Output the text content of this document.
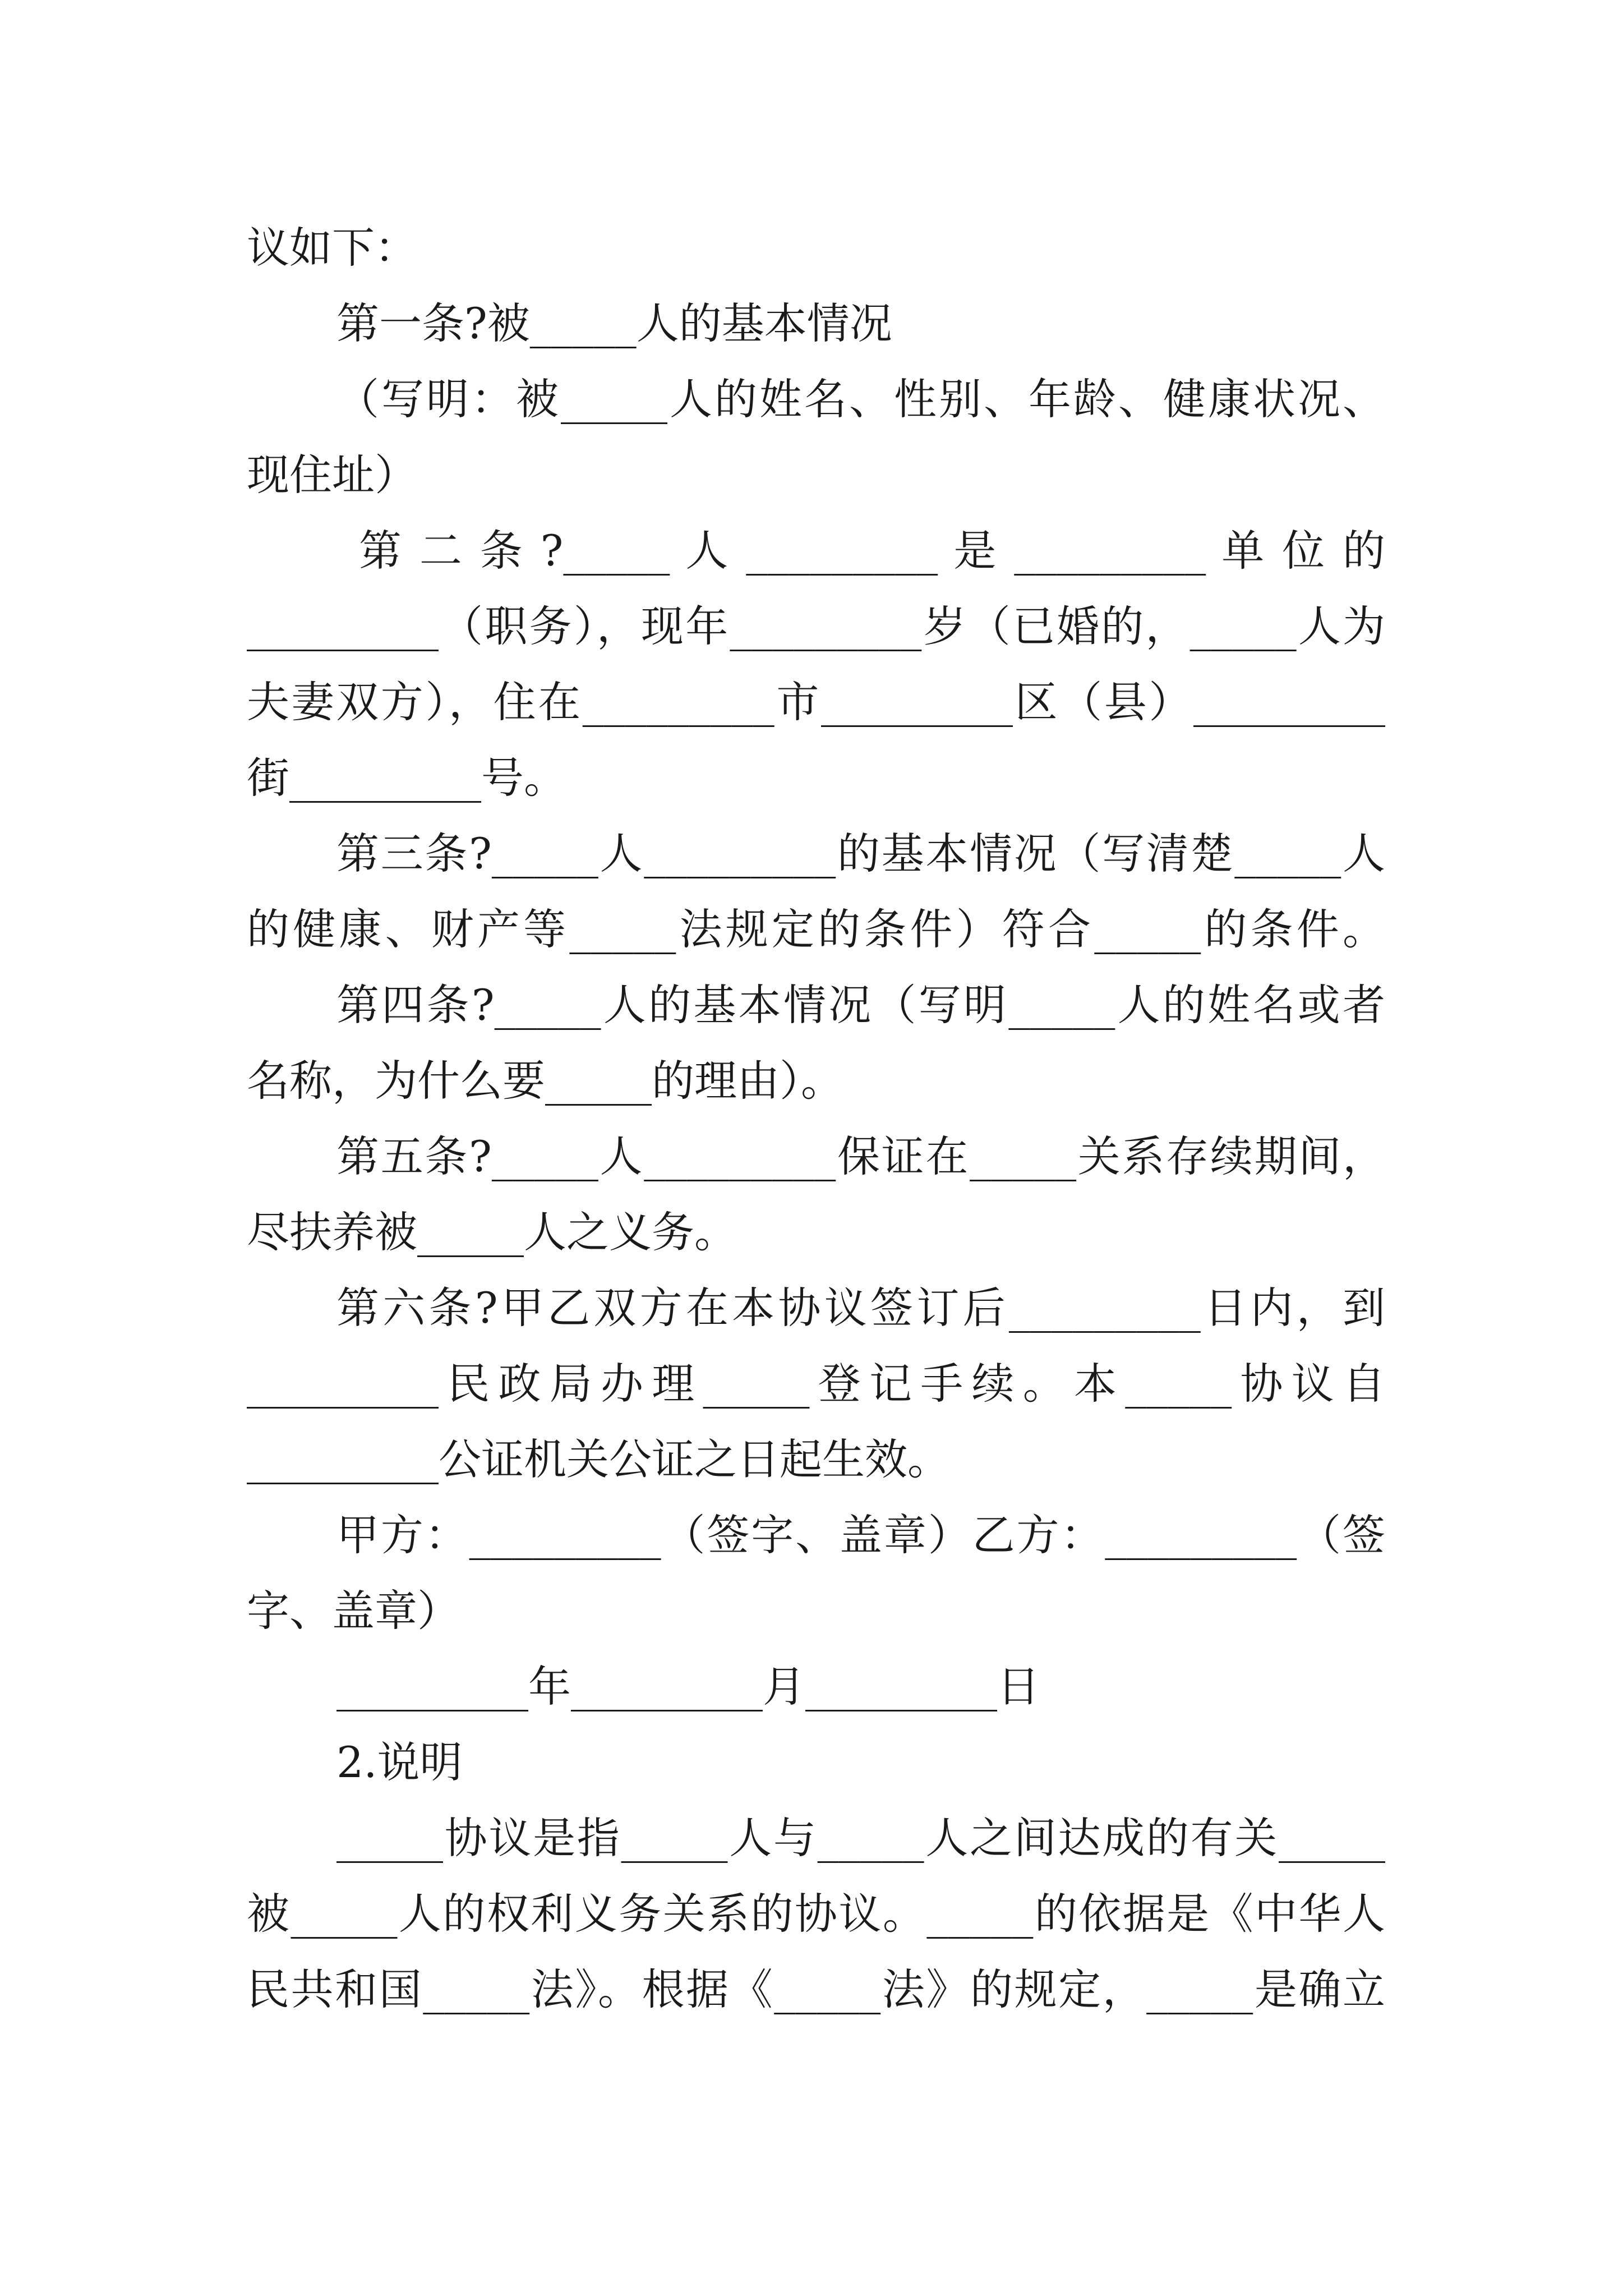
议如下：
第一条?被_____人的基本情况
（写明：被_____人的姓名、性别、年龄、健康状况、
现住址）
第 二 条 ?_____ 人 _________ 是 _________ 单 位 的
_________（职务），现年_________岁（已婚的，_____人为
夫妻双方），住在_________市_________区（县）_________
街_________号。
第三条?_____人_________的基本情况（写清楚_____人
的健康、财产等_____法规定的条件）符合_____的条件。
第四条?_____人的基本情况（写明_____人的姓名或者
名称，为什么要_____的理由）。
第五条?_____人_________保证在_____关系存续期间，
尽扶养被_____人之义务。
第六条?甲乙双方在本协议签订后_________日内，到
_________民政局办理_____登记手续。本_____协议自
_________公证机关公证之日起生效。
甲方：_________（签字、盖章）乙方：_________（签
字、盖章）
_________年_________月_________日
2.说明
_____协议是指_____人与_____人之间达成的有关_____
被_____人的权利义务关系的协议。_____的依据是《中华人
民共和国_____法》。根据《_____法》的规定，_____是确立
